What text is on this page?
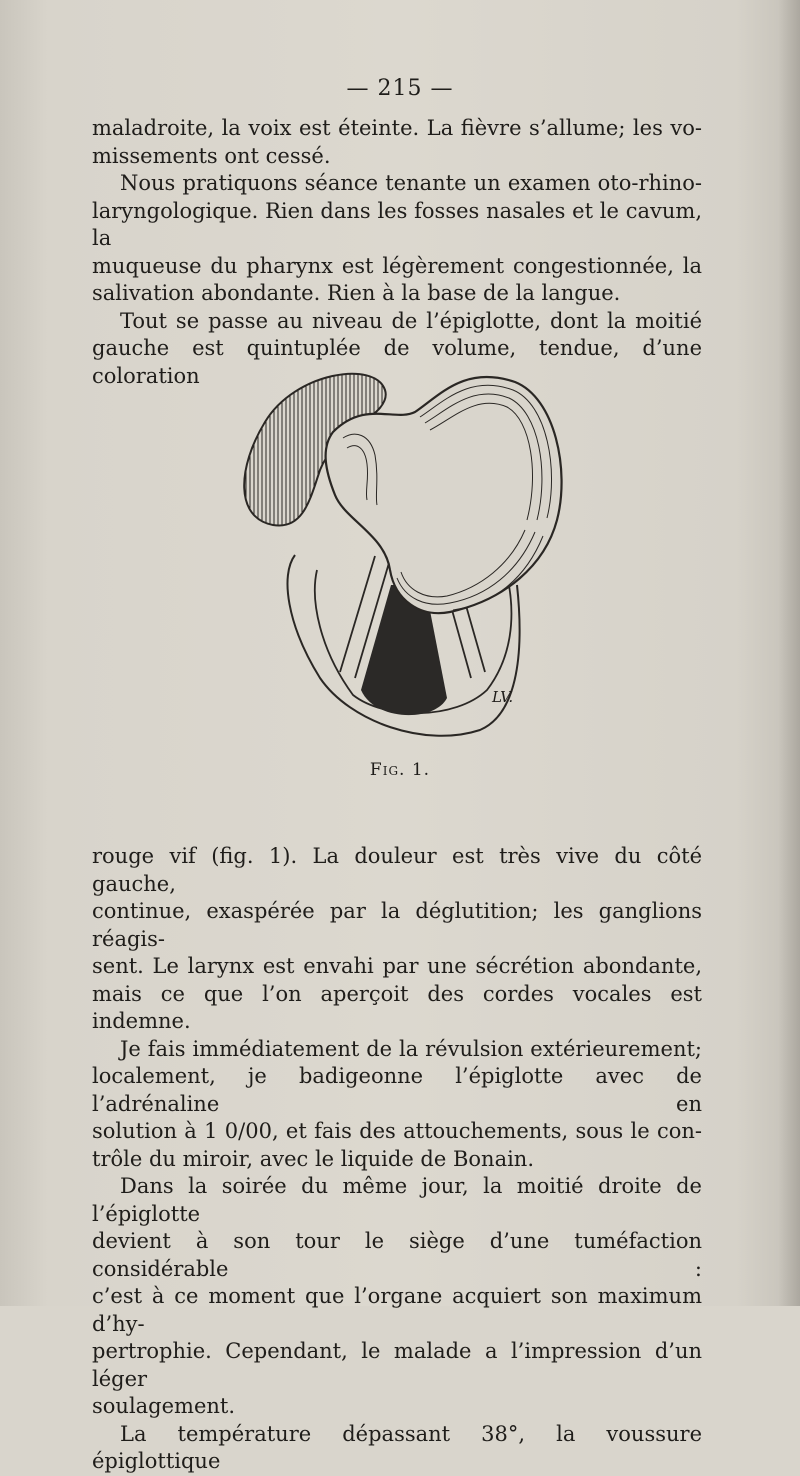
— 215 —

maladroite, la voix est éteinte. La fièvre s’allume; les vo-

missements ont cessé.

Nous pratiquons séance tenante un examen oto-rhino-

laryngologique. Rien dans les fosses nasales et le cavum, la

muqueuse du pharynx est légèrement congestionnée, la

salivation abondante. Rien à la base de la langue.

Tout se passe au niveau de l’épiglotte, dont la moitié

gauche est quintuplée de volume, tendue, d’une coloration

LV.
Fig. 1.

rouge vif (fig. 1). La douleur est très vive du côté gauche,

continue, exaspérée par la déglutition; les ganglions réagis-

sent. Le larynx est envahi par une sécrétion abondante,

mais ce que l’on aperçoit des cordes vocales est indemne.

Je fais immédiatement de la révulsion extérieurement;

localement, je badigeonne l’épiglotte avec de l’adrénaline en

solution à 1 0/00, et fais des attouchements, sous le con-

trôle du miroir, avec le liquide de Bonain.

Dans la soirée du même jour, la moitié droite de l’épiglotte

devient à son tour le siège d’une tuméfaction considérable :

c’est à ce moment que l’organe acquiert son maximum d’hy-

pertrophie. Cependant, le malade a l’impression d’un léger

soulagement.

La température dépassant 38°, la voussure épiglottique
